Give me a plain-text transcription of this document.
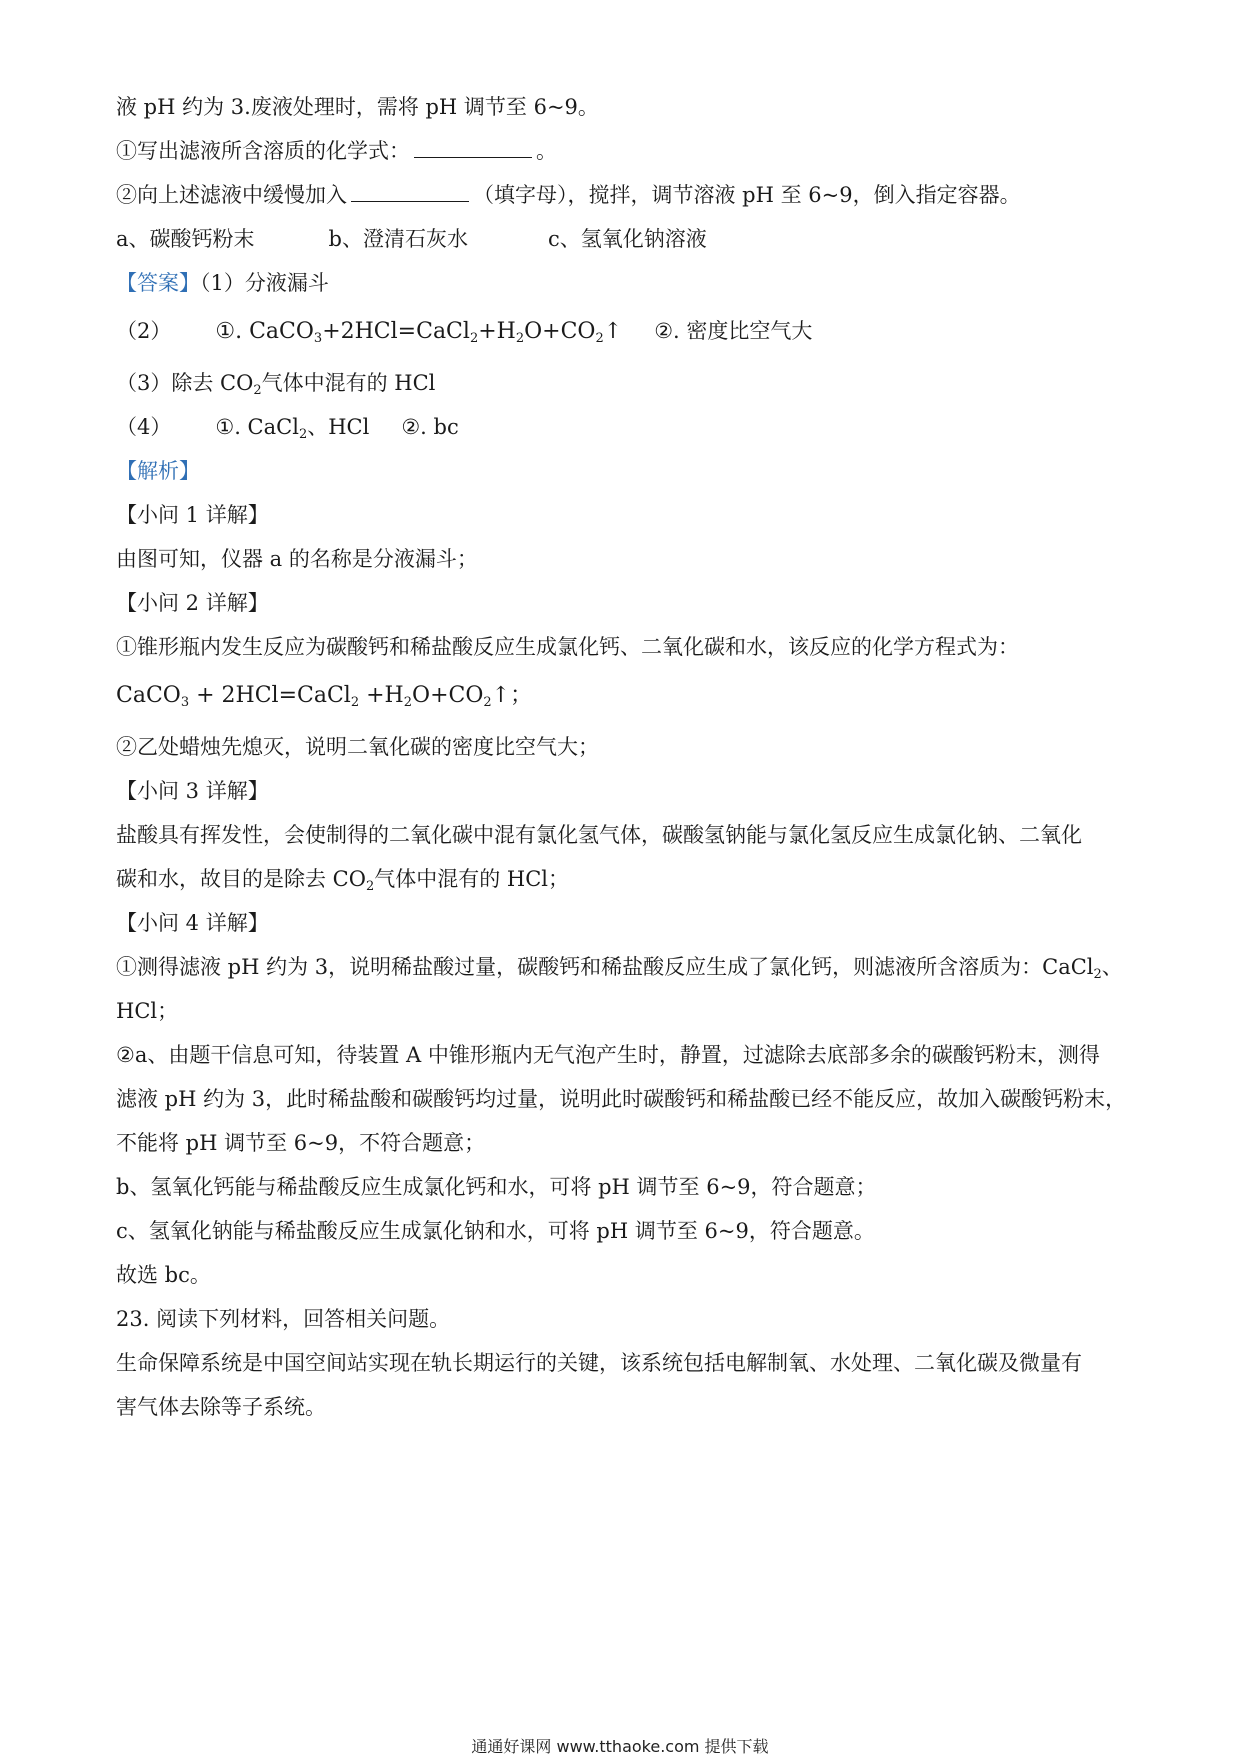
液 pH 约为 3.废液处理时，需将 pH 调节至 6~9。
①写出滤液所含溶质的化学式：	。
②向上述滤液中缓慢加入	（填字母），搅拌，调节溶液 pH 至 6~9，倒入指定容器。
a、碳酸钙粉末	b、澄清石灰水	c、氢氧化钠溶液
【答案】（1）分液漏斗
（2） ①. $CaCO_3+2HCl=CaCl_2+H_2O+CO_2↑$ ②. 密度比空气大
（3）除去 $CO_2$气体中混有的 HCl
（4） ①. CaCl$_2$、HCl ②. bc
【解析】
【小问 1 详解】
由图可知，仪器 a 的名称是分液漏斗；
【小问 2 详解】
①锥形瓶内发生反应为碳酸钙和稀盐酸反应生成氯化钙、二氧化碳和水，该反应的化学方程式为：
CaCO$_3$ + 2HCl=CaCl$_2$ $+H_2O+CO_2↑$；
②乙处蜡烛先熄灭，说明二氧化碳的密度比空气大；
【小问 3 详解】
盐酸具有挥发性，会使制得的二氧化碳中混有氯化氢气体，碳酸氢钠能与氯化氢反应生成氯化钠、二氧化
碳和水，故目的是除去 $CO_2$气体中混有的 HCl；
【小问 4 详解】
①测得滤液 pH 约为 3，说明稀盐酸过量，碳酸钙和稀盐酸反应生成了氯化钙，则滤液所含溶质为：CaCl$_2$、
HCl；
②a、由题干信息可知，待装置 A 中锥形瓶内无气泡产生时，静置，过滤除去底部多余的碳酸钙粉末，测得
滤液 pH 约为 3，此时稀盐酸和碳酸钙均过量，说明此时碳酸钙和稀盐酸已经不能反应，故加入碳酸钙粉末，
不能将 pH 调节至 6~9，不符合题意；
b、氢氧化钙能与稀盐酸反应生成氯化钙和水，可将 pH 调节至 6~9，符合题意；
c、氢氧化钠能与稀盐酸反应生成氯化钠和水，可将 pH 调节至 6~9，符合题意。
故选 bc。
23. 阅读下列材料，回答相关问题。
生命保障系统是中国空间站实现在轨长期运行的关键，该系统包括电解制氧、水处理、二氧化碳及微量有
害气体去除等子系统。
通通好课网 www.tthaoke.com 提供下载
